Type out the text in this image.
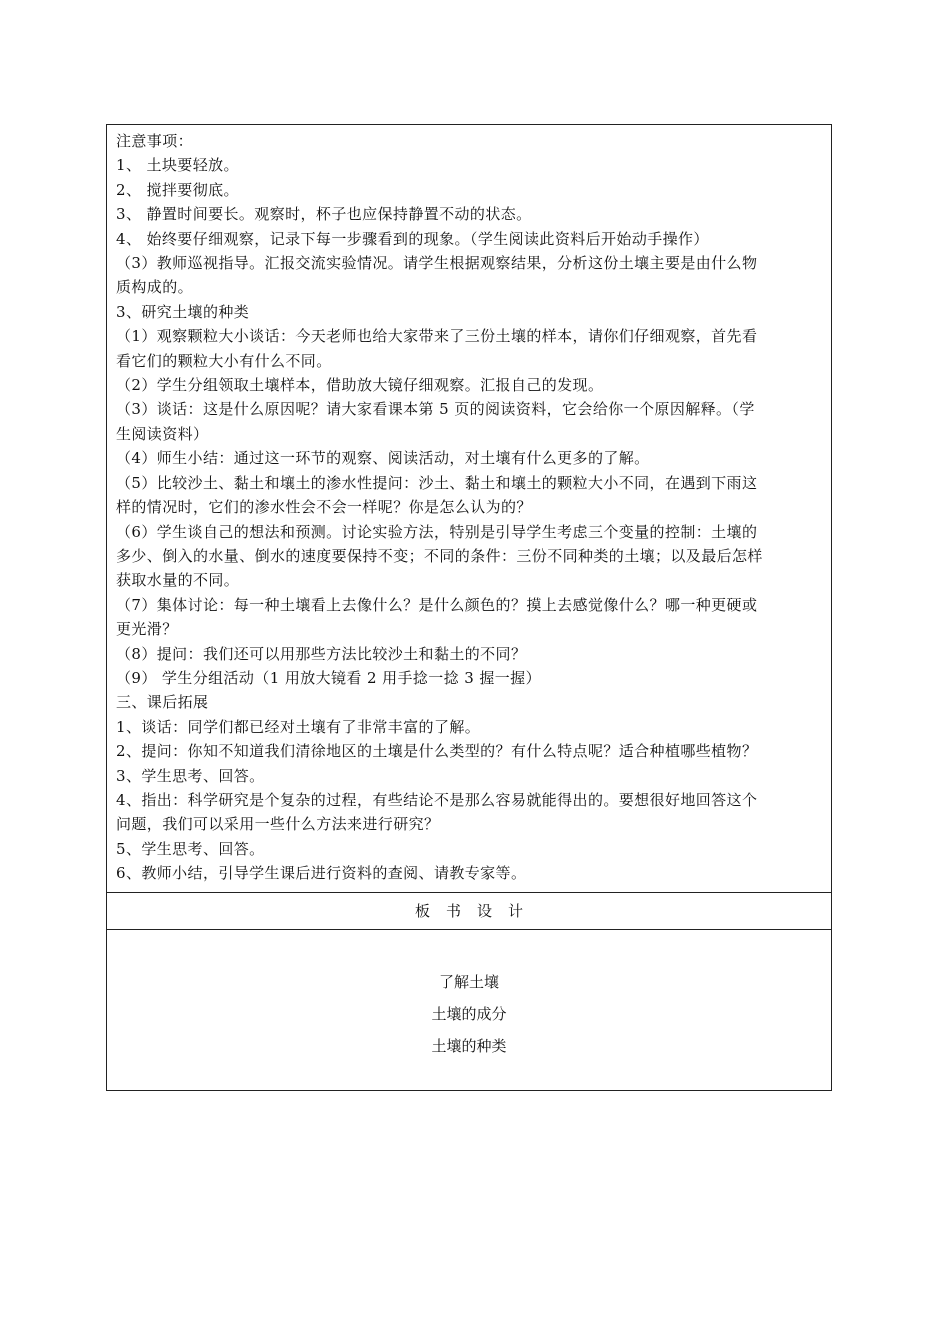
注意事项：
1、 土块要轻放。
2、 搅拌要彻底。
3、 静置时间要长。观察时，杯子也应保持静置不动的状态。
4、 始终要仔细观察，记录下每一步骤看到的现象。（学生阅读此资料后开始动手操作）
（3）教师巡视指导。汇报交流实验情况。请学生根据观察结果，分析这份土壤主要是由什么物
质构成的。
3、研究土壤的种类
（1）观察颗粒大小谈话：今天老师也给大家带来了三份土壤的样本，请你们仔细观察，首先看
看它们的颗粒大小有什么不同。
（2）学生分组领取土壤样本，借助放大镜仔细观察。汇报自己的发现。
（3）谈话：这是什么原因呢？请大家看课本第 5 页的阅读资料，它会给你一个原因解释。（学
生阅读资料）
（4）师生小结：通过这一环节的观察、阅读活动，对土壤有什么更多的了解。
（5）比较沙土、黏土和壤土的渗水性提问：沙土、黏土和壤土的颗粒大小不同，在遇到下雨这
样的情况时，它们的渗水性会不会一样呢？你是怎么认为的？
（6）学生谈自己的想法和预测。讨论实验方法，特别是引导学生考虑三个变量的控制：土壤的
多少、倒入的水量、倒水的速度要保持不变；不同的条件：三份不同种类的土壤；以及最后怎样
获取水量的不同。
（7）集体讨论：每一种土壤看上去像什么？是什么颜色的？摸上去感觉像什么？哪一种更硬或
更光滑？
（8）提问：我们还可以用那些方法比较沙土和黏土的不同？
（9） 学生分组活动（1 用放大镜看 2 用手捻一捻 3 握一握）
三、课后拓展
1、谈话：同学们都已经对土壤有了非常丰富的了解。
2、提问：你知不知道我们清徐地区的土壤是什么类型的？有什么特点呢？适合种植哪些植物？
3、学生思考、回答。
4、指出：科学研究是个复杂的过程，有些结论不是那么容易就能得出的。要想很好地回答这个
问题，我们可以采用一些什么方法来进行研究？
5、学生思考、回答。
6、教师小结，引导学生课后进行资料的查阅、请教专家等。
板书设计
了解土壤
土壤的成分
土壤的种类
